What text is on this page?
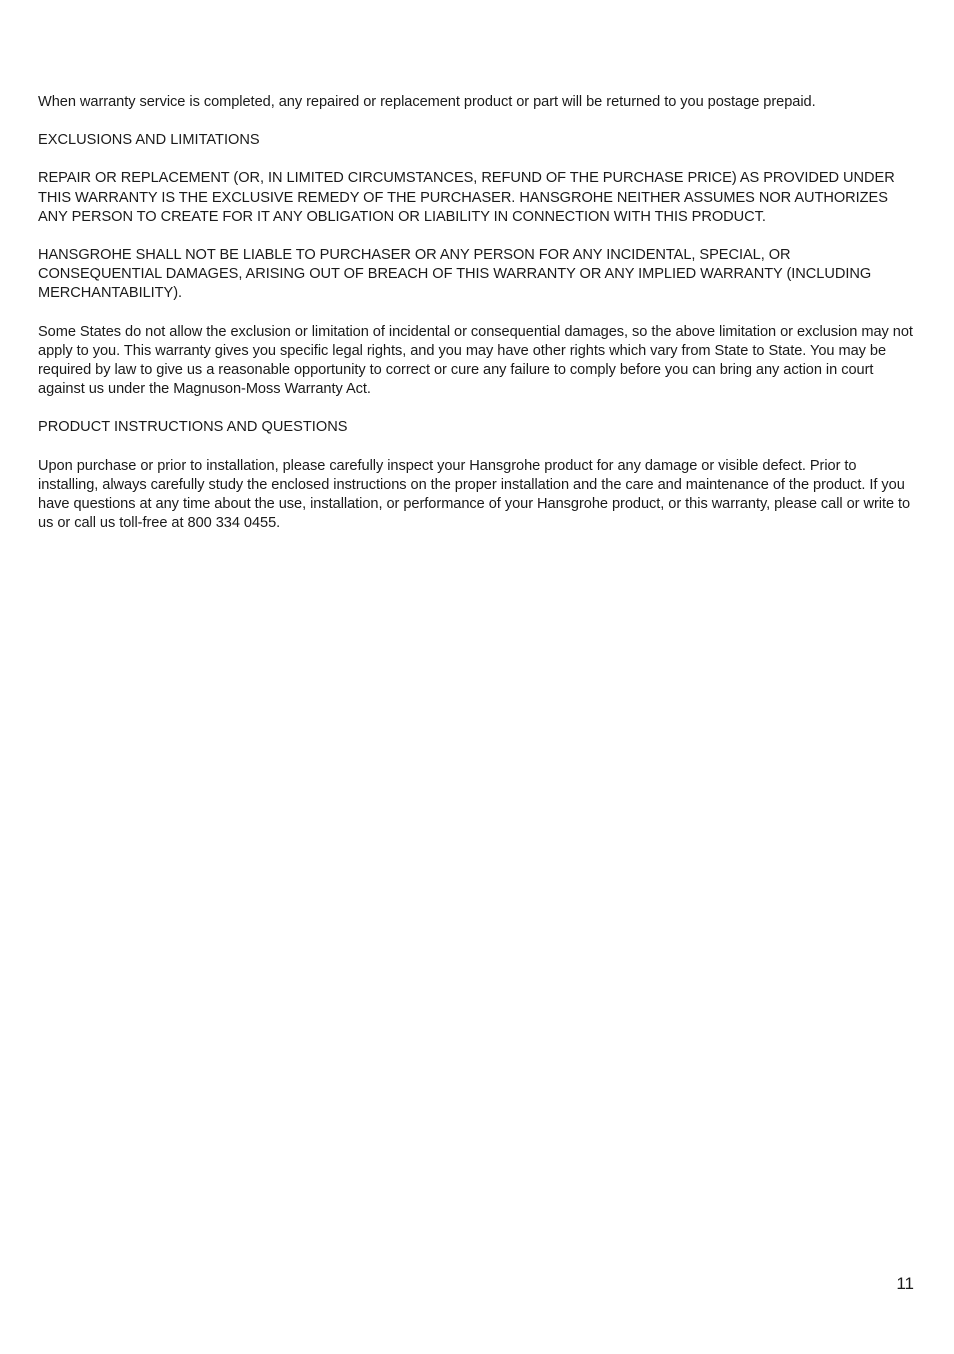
When warranty service is completed, any repaired or replacement product or part will be returned to you postage prepaid.

EXCLUSIONS AND LIMITATIONS

REPAIR OR REPLACEMENT (OR, IN LIMITED CIRCUMSTANCES, REFUND OF THE PURCHASE PRICE) AS PROVIDED UNDER THIS WARRANTY IS THE EXCLUSIVE REMEDY OF THE PURCHASER. HANSGROHE NEITHER ASSUMES NOR AUTHORIZES ANY PERSON TO CREATE FOR IT ANY OBLIGATION OR LIABILITY IN CONNECTION WITH THIS PRODUCT.

HANSGROHE SHALL NOT BE LIABLE TO PURCHASER OR ANY PERSON FOR ANY INCIDENTAL, SPECIAL, OR CONSEQUENTIAL DAMAGES, ARISING OUT OF BREACH OF THIS WARRANTY OR ANY IMPLIED WARRANTY (INCLUDING MERCHANTABILITY).

Some States do not allow the exclusion or limitation of incidental or consequential damages, so the above limitation or exclusion may not apply to you. This warranty gives you specific legal rights, and you may have other rights which vary from State to State. You may be required by law to give us a reasonable opportunity to correct or cure any failure to comply before you can bring any action in court against us under the Magnuson-Moss Warranty Act.

PRODUCT INSTRUCTIONS AND QUESTIONS

Upon purchase or prior to installation, please carefully inspect your Hansgrohe product for any damage or visible defect. Prior to installing, always carefully study the enclosed instructions on the proper installation and the care and maintenance of the product. If you have questions at any time about the use, installation, or performance of your Hansgrohe product, or this warranty, please call or write to us or call us toll-free at 800 334 0455.

11
